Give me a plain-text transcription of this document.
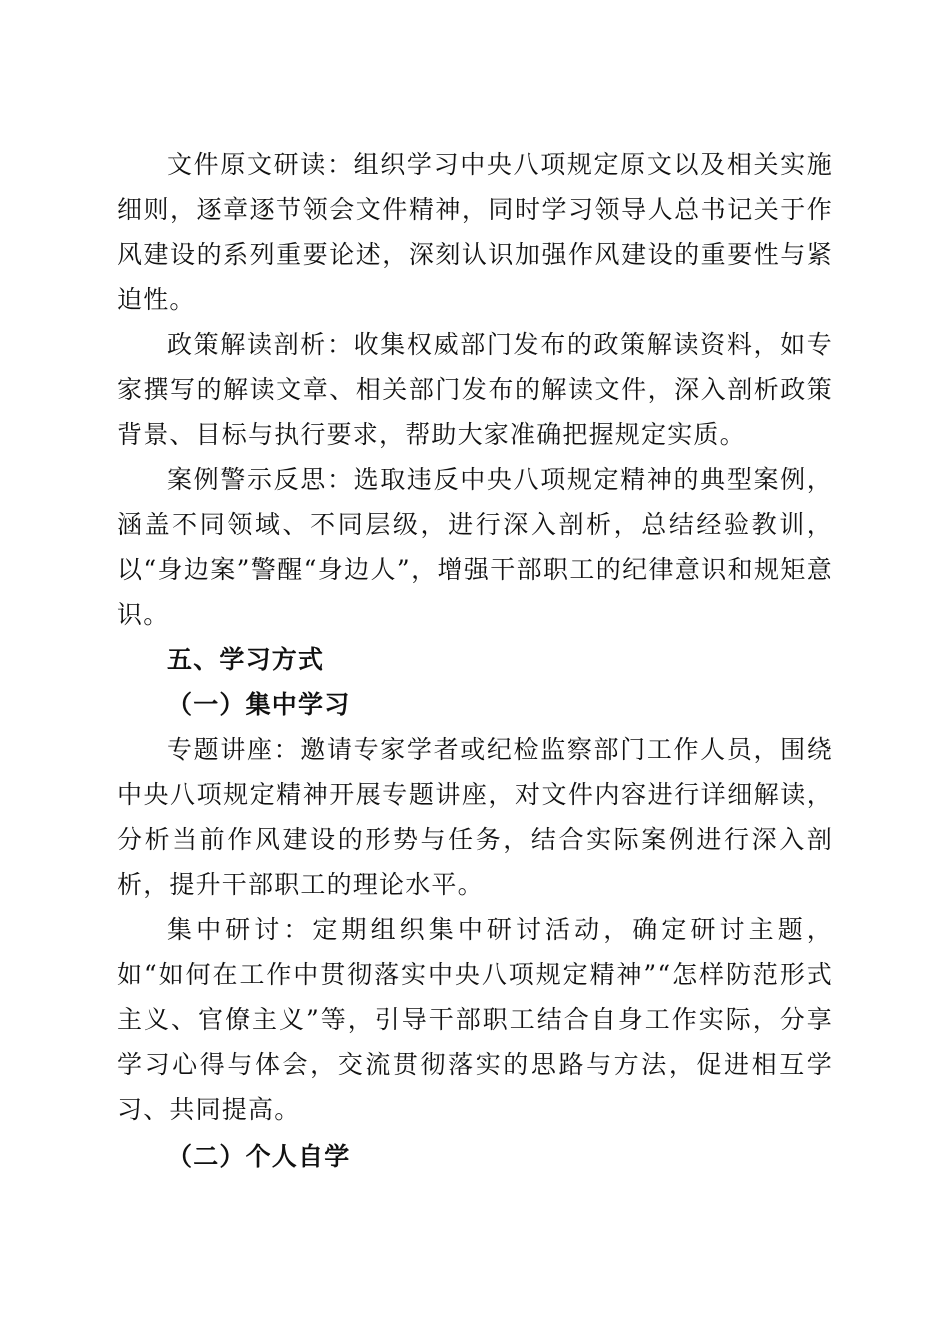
文件原文研读：组织学习中央八项规定原文以及相关实施细则，逐章逐节领会文件精神，同时学习领导人总书记关于作风建设的系列重要论述，深刻认识加强作风建设的重要性与紧迫性。

政策解读剖析：收集权威部门发布的政策解读资料，如专家撰写的解读文章、相关部门发布的解读文件，深入剖析政策背景、目标与执行要求，帮助大家准确把握规定实质。

案例警示反思：选取违反中央八项规定精神的典型案例，涵盖不同领域、不同层级，进行深入剖析，总结经验教训，以“身边案”警醒“身边人”，增强干部职工的纪律意识和规矩意识。

五、学习方式

（一）集中学习

专题讲座：邀请专家学者或纪检监察部门工作人员，围绕中央八项规定精神开展专题讲座，对文件内容进行详细解读，分析当前作风建设的形势与任务，结合实际案例进行深入剖析，提升干部职工的理论水平。

集中研讨：定期组织集中研讨活动，确定研讨主题，如“如何在工作中贯彻落实中央八项规定精神”“怎样防范形式主义、官僚主义”等，引导干部职工结合自身工作实际，分享学习心得与体会，交流贯彻落实的思路与方法，促进相互学习、共同提高。

（二）个人自学
